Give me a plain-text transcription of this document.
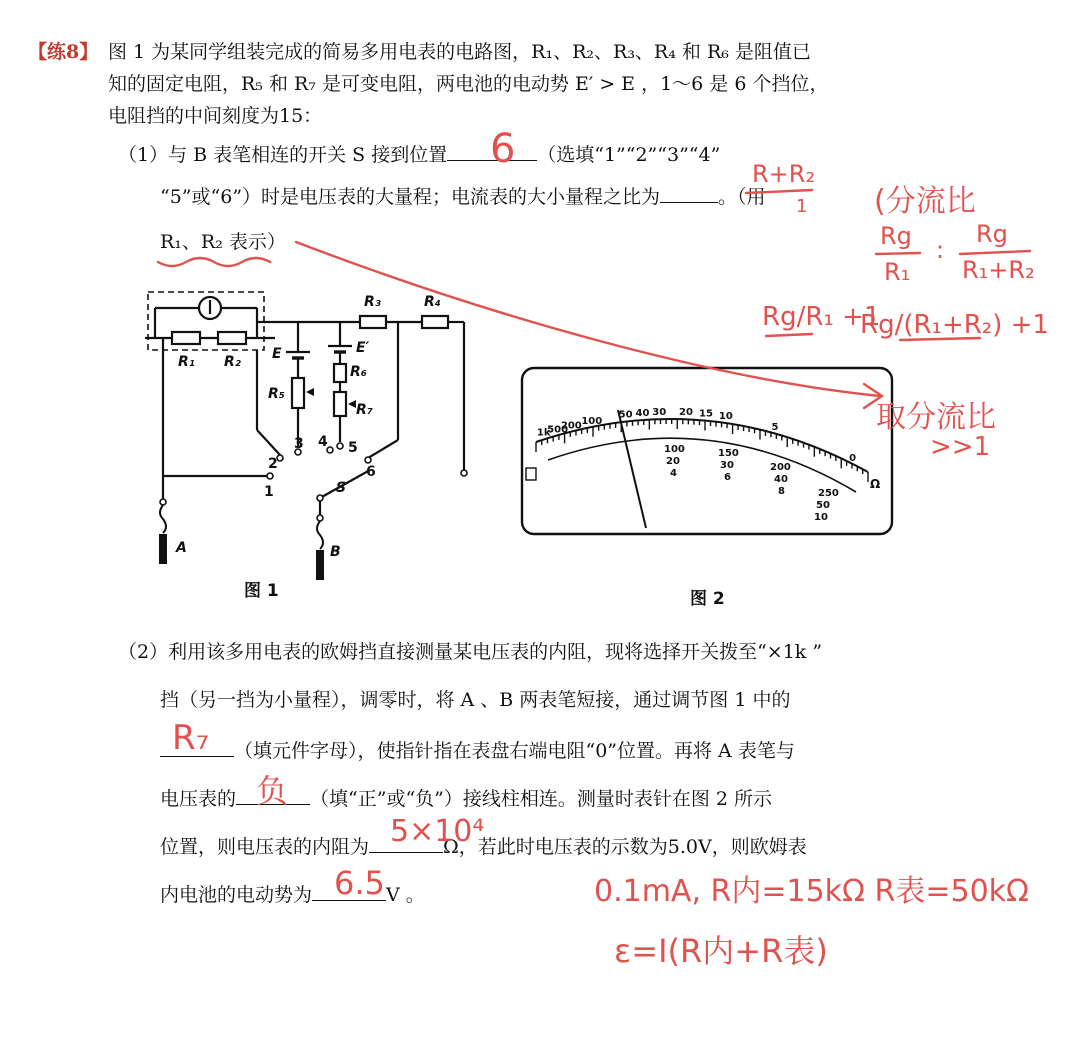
【练8】 图 1 为某同学组装完成的简易多用电表的电路图，R₁、R₂、R₃、R₄ 和 R₆ 是阻值已
知的固定电阻，R₅ 和 R₇ 是可变电阻，两电池的电动势 E′ > E ，1～6 是 6 个挡位，
电阻挡的中间刻度为15：
（1）与 B 表笔相连的开关 S 接到位置	（选填“1”“2”“3”“4”
“5”或“6”）时是电压表的大量程；电流表的大小量程之比为	。（用
R₁、R₂ 表示）
（2）利用该多用电表的欧姆挡直接测量某电压表的内阻，现将选择开关拨至“×1k ”
挡（另一挡为小量程），调零时，将 A 、B 两表笔短接，通过调节图 1 中的
（填元件字母），使指针指在表盘右端电阻“0”位置。再将 A 表笔与
电压表的	（填“正”或“负”）接线柱相连。测量时表针在图 2 所示
位置，则电压表的内阻为	Ω，若此时电压表的示数为5.0V，则欧姆表
内电池的电动势为	V 。
R₁ R₂
R₃	R₄
R₅
R₆
R₇
E	E′
S
A	B
1
2
3 4 5
6
图 1
1k
500
200 100
50 40 30 20 15 10
5
0
100
20
4
150
30
6
200
40
8	250
50
10
Ω
图 2
6
R+R₂
1 (分流比
Rg
R₁
:
Rg
R₁+R₂
Rg/R₁ +1
Rg/(R₁+R₂) +1
取分流比
>>1
R₇
负
5×10⁴
6.5	0.1mA, R内=15kΩ R表=50kΩ
ε=I(R内+R表)
